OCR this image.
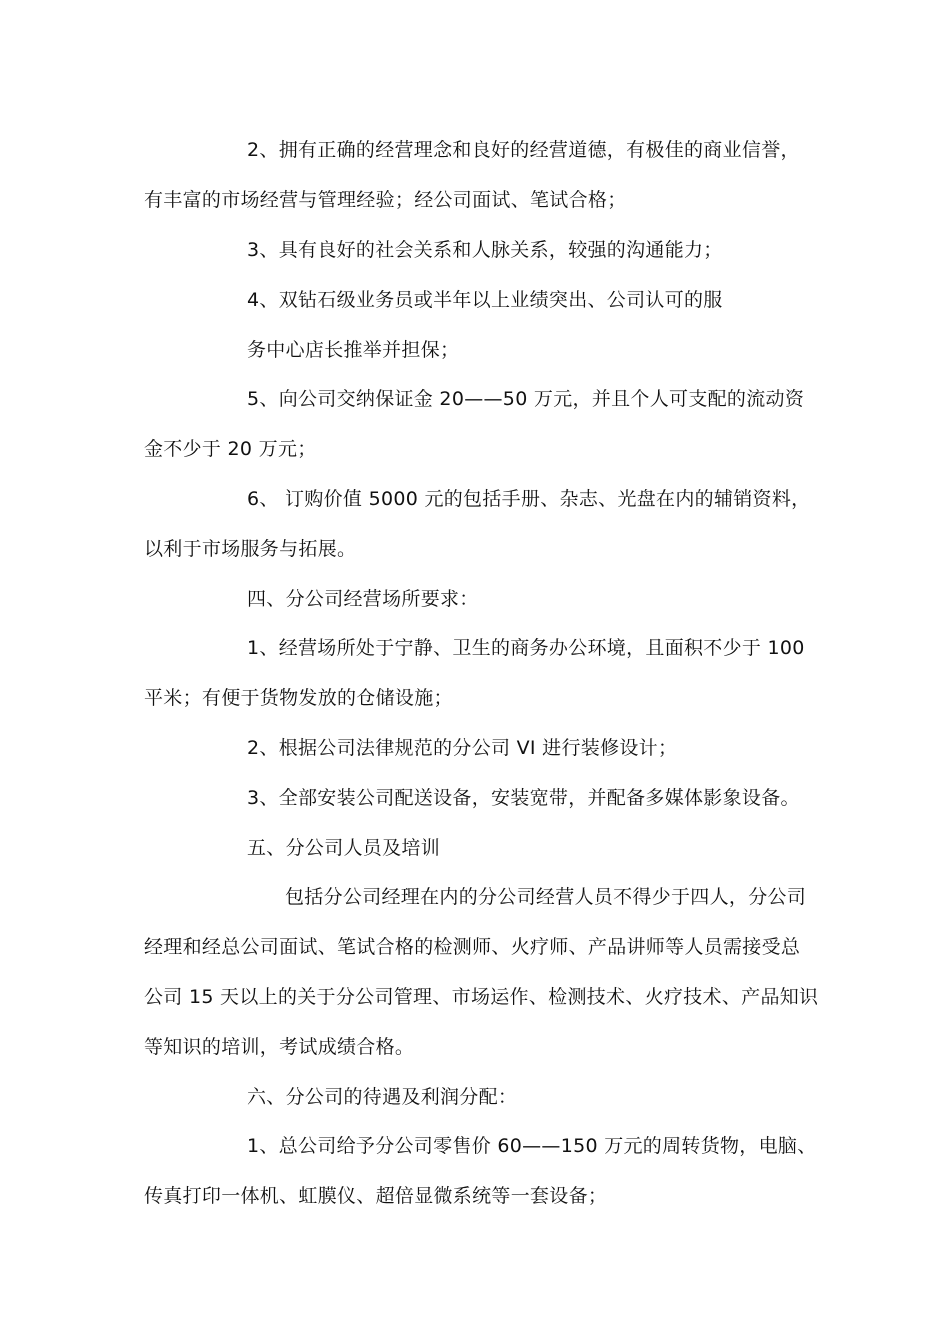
2、拥有正确的经营理念和良好的经营道德，有极佳的商业信誉，
有丰富的市场经营与管理经验；经公司面试、笔试合格；
3、具有良好的社会关系和人脉关系，较强的沟通能力；
4、双钻石级业务员或半年以上业绩突出、公司认可的服
务中心店长推举并担保；
5、向公司交纳保证金 20——50 万元，并且个人可支配的流动资
金不少于 20 万元；
6、 订购价值 5000 元的包括手册、杂志、光盘在内的辅销资料，
以利于市场服务与拓展。
四、分公司经营场所要求：
1、经营场所处于宁静、卫生的商务办公环境，且面积不少于 100
平米；有便于货物发放的仓储设施；
2、根据公司法律规范的分公司 VI 进行装修设计；
3、全部安装公司配送设备，安装宽带，并配备多媒体影象设备。
五、分公司人员及培训
包括分公司经理在内的分公司经营人员不得少于四人，分公司
经理和经总公司面试、笔试合格的检测师、火疗师、产品讲师等人员需接受总
公司 15 天以上的关于分公司管理、市场运作、检测技术、火疗技术、产品知识
等知识的培训，考试成绩合格。
六、分公司的待遇及利润分配：
1、总公司给予分公司零售价 60——150 万元的周转货物，电脑、
传真打印一体机、虹膜仪、超倍显微系统等一套设备；
